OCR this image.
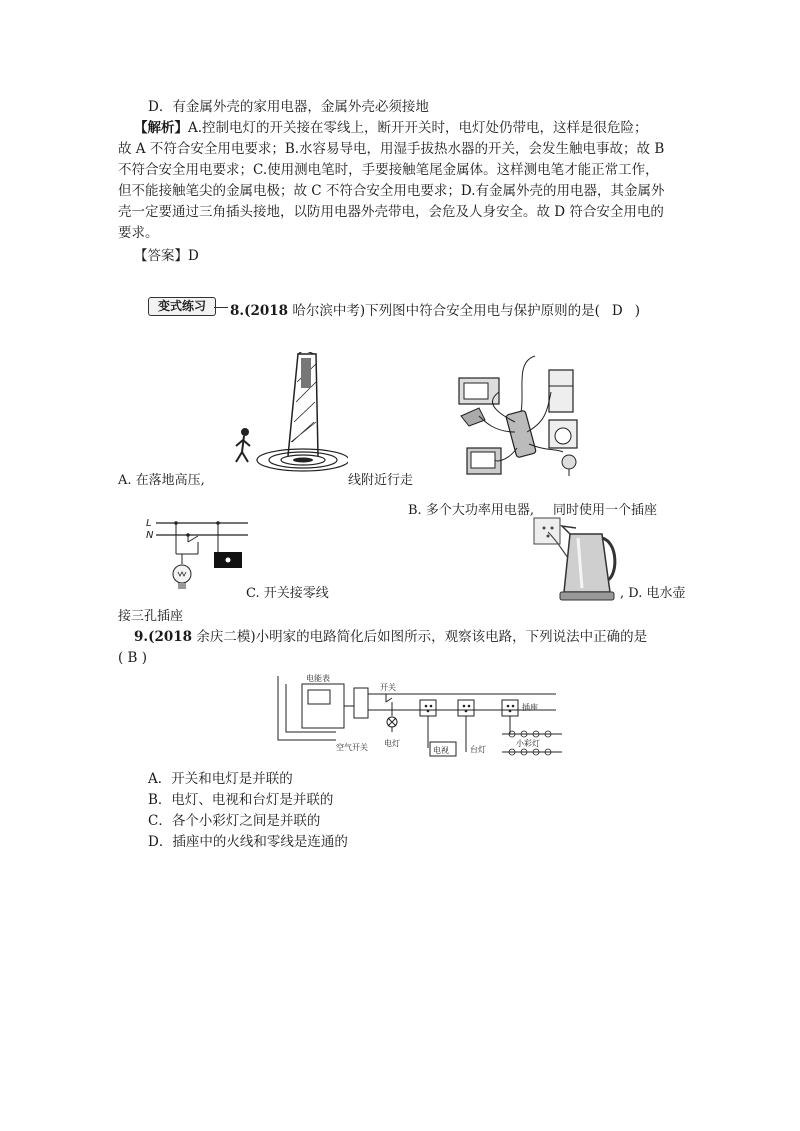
D．有金属外壳的家用电器，金属外壳必须接地
【解析】A.控制电灯的开关接在零线上，断开开关时，电灯处仍带电，这样是很危险；
故 A 不符合安全用电要求；B.水容易导电，用湿手拔热水器的开关，会发生触电事故；故 B
不符合安全用电要求；C.使用测电笔时，手要接触笔尾金属体。这样测电笔才能正常工作，
但不能接触笔尖的金属电极；故 C 不符合安全用电要求；D.有金属外壳的用电器，其金属外
壳一定要通过三角插头接地，以防用电器外壳带电，会危及人身安全。故 D 符合安全用电的
要求。
【答案】D
变式练习	8.(2018 哈尔滨中考)下列图中符合安全用电与保护原则的是( D )
A. 在落地高压,	线附近行走
B. 多个大功率用电器, 同时使用一个插座
L
N
C. 开关接零线	, D. 电水壶
接三孔插座
9.(2018 余庆二模)小明家的电路简化后如图所示，观察该电路，下列说法中正确的是
( B )
电能表
开关
空气开关 电灯
电视	台灯
插座
小彩灯
A．开关和电灯是并联的
B．电灯、电视和台灯是并联的
C．各个小彩灯之间是并联的
D．插座中的火线和零线是连通的
